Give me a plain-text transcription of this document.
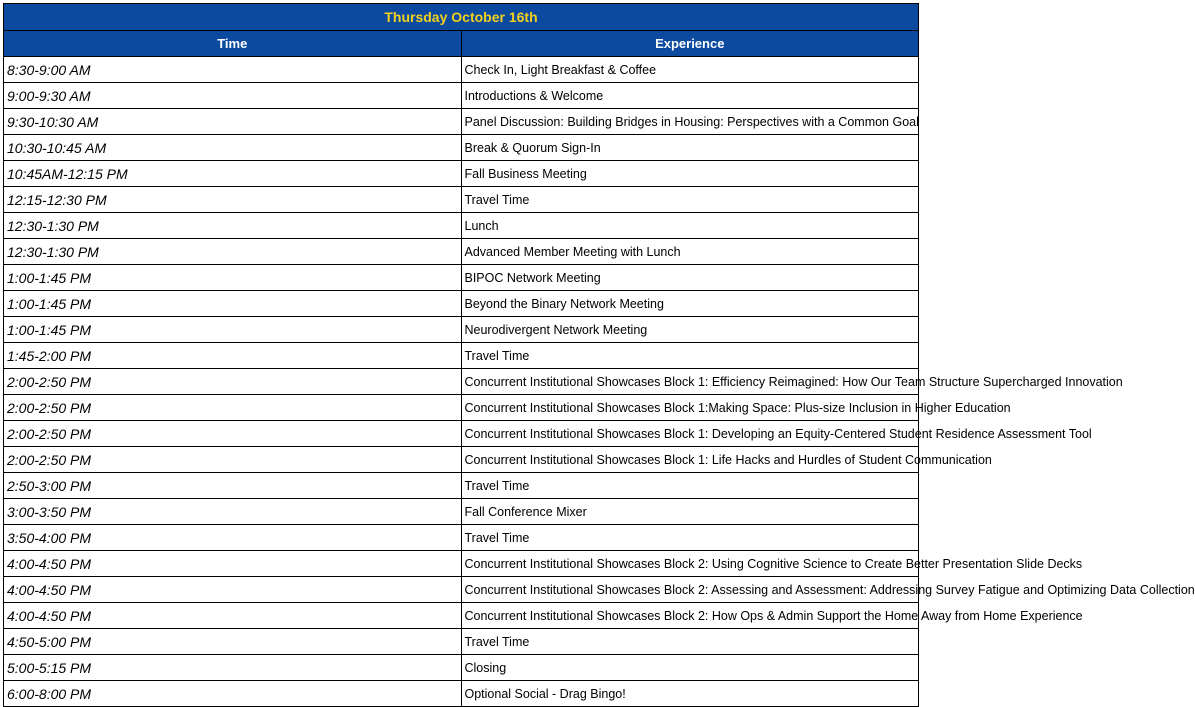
Thursday October 16th	
Time	Experience
8:30-9:00 AM	Check In, Light Breakfast & Coffee
9:00-9:30 AM	Introductions & Welcome
9:30-10:30 AM	Panel Discussion: Building Bridges in Housing: Perspectives with a Common Goal
10:30-10:45 AM	Break & Quorum Sign-In
10:45AM-12:15 PM	Fall Business Meeting
12:15-12:30 PM	Travel Time
12:30-1:30 PM	Lunch
12:30-1:30 PM	Advanced Member Meeting with Lunch
1:00-1:45 PM	BIPOC Network Meeting
1:00-1:45 PM	Beyond the Binary Network Meeting
1:00-1:45 PM	Neurodivergent Network Meeting
1:45-2:00 PM	Travel Time
2:00-2:50 PM	Concurrent Institutional Showcases Block 1: Efficiency Reimagined: How Our Team Structure Supercharged Innovation
2:00-2:50 PM	Concurrent Institutional Showcases Block 1:Making Space: Plus-size Inclusion in Higher Education
2:00-2:50 PM	Concurrent Institutional Showcases Block 1: Developing an Equity-Centered Student Residence Assessment Tool
2:00-2:50 PM	Concurrent Institutional Showcases Block 1: Life Hacks and Hurdles of Student Communication
2:50-3:00 PM	Travel Time
3:00-3:50 PM	Fall Conference Mixer
3:50-4:00 PM	Travel Time
4:00-4:50 PM	Concurrent Institutional Showcases Block 2: Using Cognitive Science to Create Better Presentation Slide Decks
4:00-4:50 PM	Concurrent Institutional Showcases Block 2: Assessing and Assessment: Addressing Survey Fatigue and Optimizing Data Collection
4:00-4:50 PM	Concurrent Institutional Showcases Block 2: How Ops & Admin Support the Home Away from Home Experience
4:50-5:00 PM	Travel Time
5:00-5:15 PM	Closing
6:00-8:00 PM	Optional Social - Drag Bingo!
